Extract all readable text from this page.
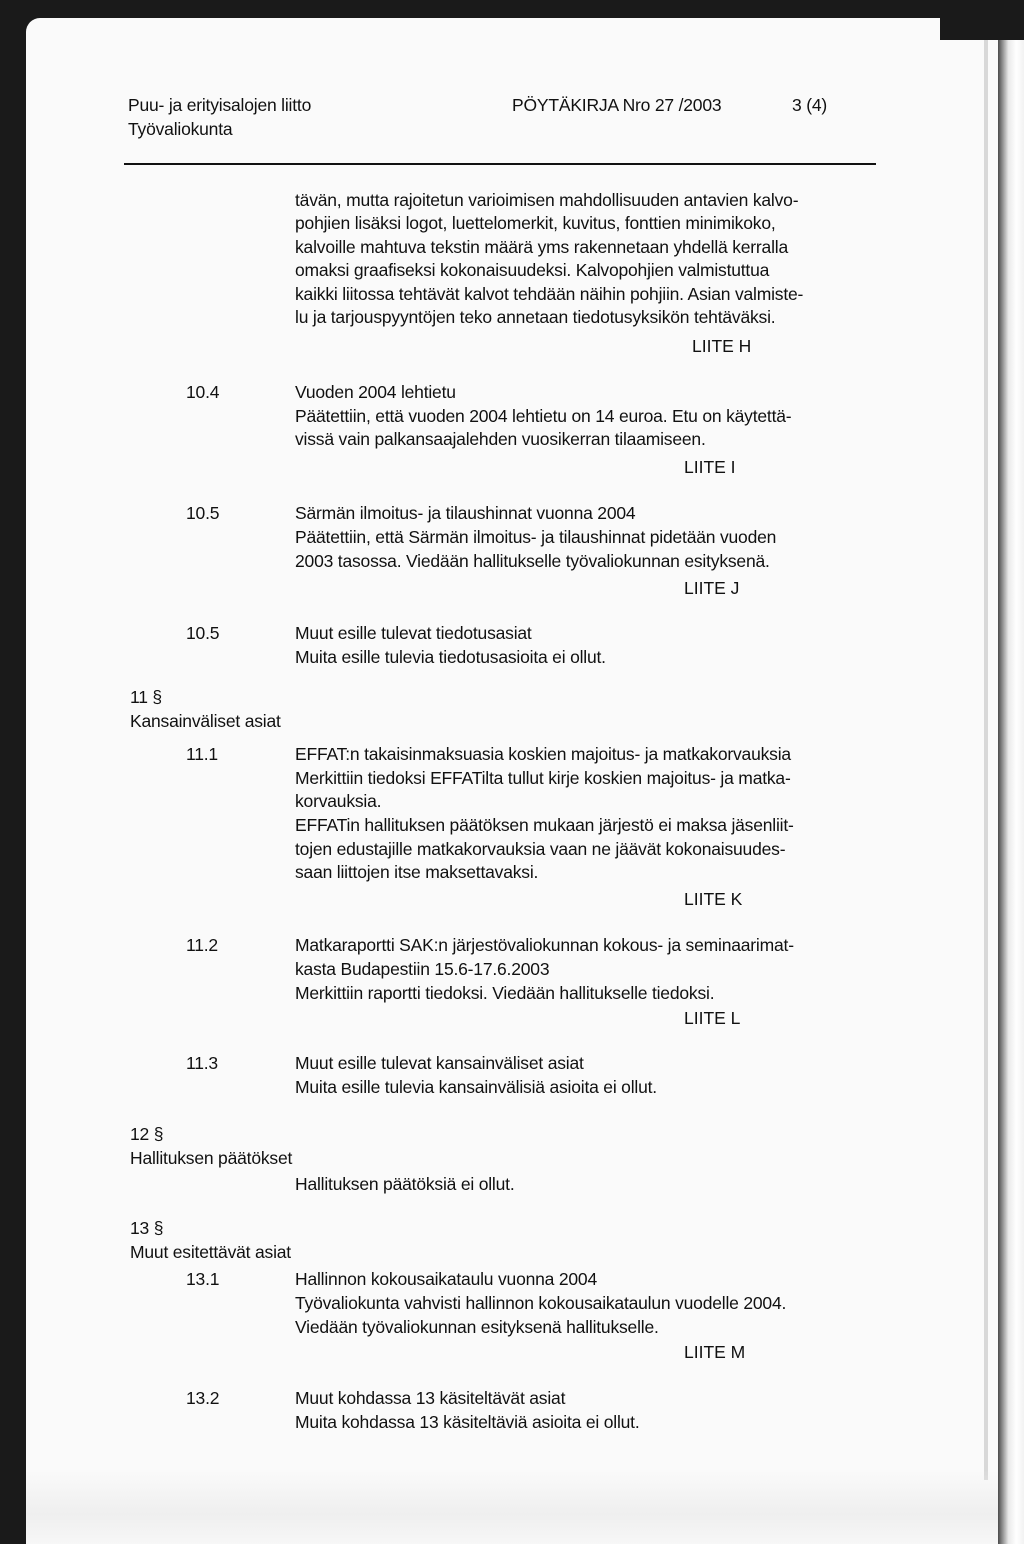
Puu- ja erityisalojen liitto
Työvaliokunta
PÖYTÄKIRJA Nro 27 /2003	3 (4)
tävän, mutta rajoitetun varioimisen mahdollisuuden antavien kalvo-
pohjien lisäksi logot, luettelomerkit, kuvitus, fonttien minimikoko,
kalvoille mahtuva tekstin määrä yms rakennetaan yhdellä kerralla
omaksi graafiseksi kokonaisuudeksi. Kalvopohjien valmistuttua
kaikki liitossa tehtävät kalvot tehdään näihin pohjiin. Asian valmiste-
lu ja tarjouspyyntöjen teko annetaan tiedotusyksikön tehtäväksi.
LIITE H
10.4	Vuoden 2004 lehtietu
Päätettiin, että vuoden 2004 lehtietu on 14 euroa. Etu on käytettä-
vissä vain palkansaajalehden vuosikerran tilaamiseen.
LIITE I
10.5	Särmän ilmoitus- ja tilaushinnat vuonna 2004
Päätettiin, että Särmän ilmoitus- ja tilaushinnat pidetään vuoden
2003 tasossa. Viedään hallitukselle työvaliokunnan esityksenä.
LIITE J
10.5	Muut esille tulevat tiedotusasiat
Muita esille tulevia tiedotusasioita ei ollut.
11 §
Kansainväliset asiat
11.1	EFFAT:n takaisinmaksuasia koskien majoitus- ja matkakorvauksia
Merkittiin tiedoksi EFFATilta tullut kirje koskien majoitus- ja matka-
korvauksia.
EFFATin hallituksen päätöksen mukaan järjestö ei maksa jäsenliit-
tojen edustajille matkakorvauksia vaan ne jäävät kokonaisuudes-
saan liittojen itse maksettavaksi.
LIITE K
11.2	Matkaraportti SAK:n järjestövaliokunnan kokous- ja seminaarimat-
kasta Budapestiin 15.6-17.6.2003
Merkittiin raportti tiedoksi. Viedään hallitukselle tiedoksi.
LIITE L
11.3	Muut esille tulevat kansainväliset asiat
Muita esille tulevia kansainvälisiä asioita ei ollut.
12 §
Hallituksen päätökset
Hallituksen päätöksiä ei ollut.
13 §
Muut esitettävät asiat
13.1	Hallinnon kokousaikataulu vuonna 2004
Työvaliokunta vahvisti hallinnon kokousaikataulun vuodelle 2004.
Viedään työvaliokunnan esityksenä hallitukselle.
LIITE M
13.2	Muut kohdassa 13 käsiteltävät asiat
Muita kohdassa 13 käsiteltäviä asioita ei ollut.
